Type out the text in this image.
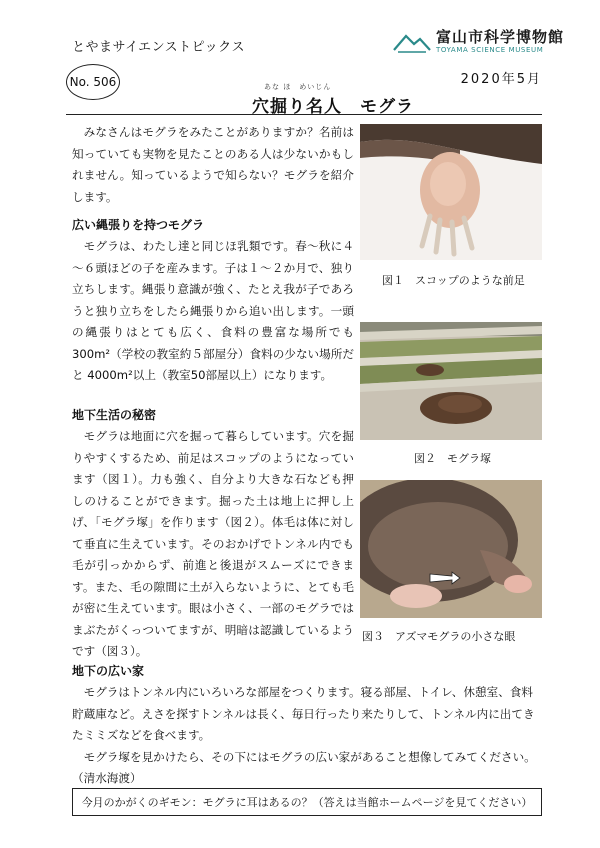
とやまサイエンストピックス
富山市科学博物館
TOYAMA SCIENCE MUSEUM
2020年5月
No. 506	あな ほ　めいじん
穴掘り名人　モグラ

みなさんはモグラをみたことがありますか？名前は知っていても実物を見たことのある人は少ないかもしれません。知っているようで知らない？モグラを紹介します。

広い縄張りを持つモグラ

モグラは、わたし達と同じほ乳類です。春～秋に４～６頭ほどの子を産みます。子は１～２か月で、独り立ちします。縄張り意識が強く、たとえ我が子であろうと独り立ちをしたら縄張りから追い出します。一頭の縄張りはとても広く、食料の豊富な場所でも 300m²（学校の教室約５部屋分）食料の少ない場所だと 4000m²以上（教室50部屋以上）になります。

地下生活の秘密

モグラは地面に穴を掘って暮らしています。穴を掘りやすくするため、前足はスコップのようになっています（図１）。力も強く、自分より大きな石なども押しのけることができます。掘った土は地上に押し上げ、「モグラ塚」を作ります（図２）。体毛は体に対して垂直に生えています。そのおかげでトンネル内でも毛が引っかからず、前進と後退がスムーズにできます。また、毛の隙間に土が入らないように、とても毛が密に生えています。眼は小さく、一部のモグラではまぶたがくっついてますが、明暗は認識しているようです（図３）。

地下の広い家

モグラはトンネル内にいろいろな部屋をつくります。寝る部屋、トイレ、休憩室、食料貯蔵庫など。えさを探すトンネルは長く、毎日行ったり来たりして、トンネル内に出てきたミミズなどを食べます。

モグラ塚を見かけたら、その下にはモグラの広い家があること想像してみてください。（清水海渡）

図１　スコップのような前足
図２　モグラ塚
図３　アズマモグラの小さな眼
今月のかがくのギモン：モグラに耳はあるの？（答えは当館ホームページを見てください）
